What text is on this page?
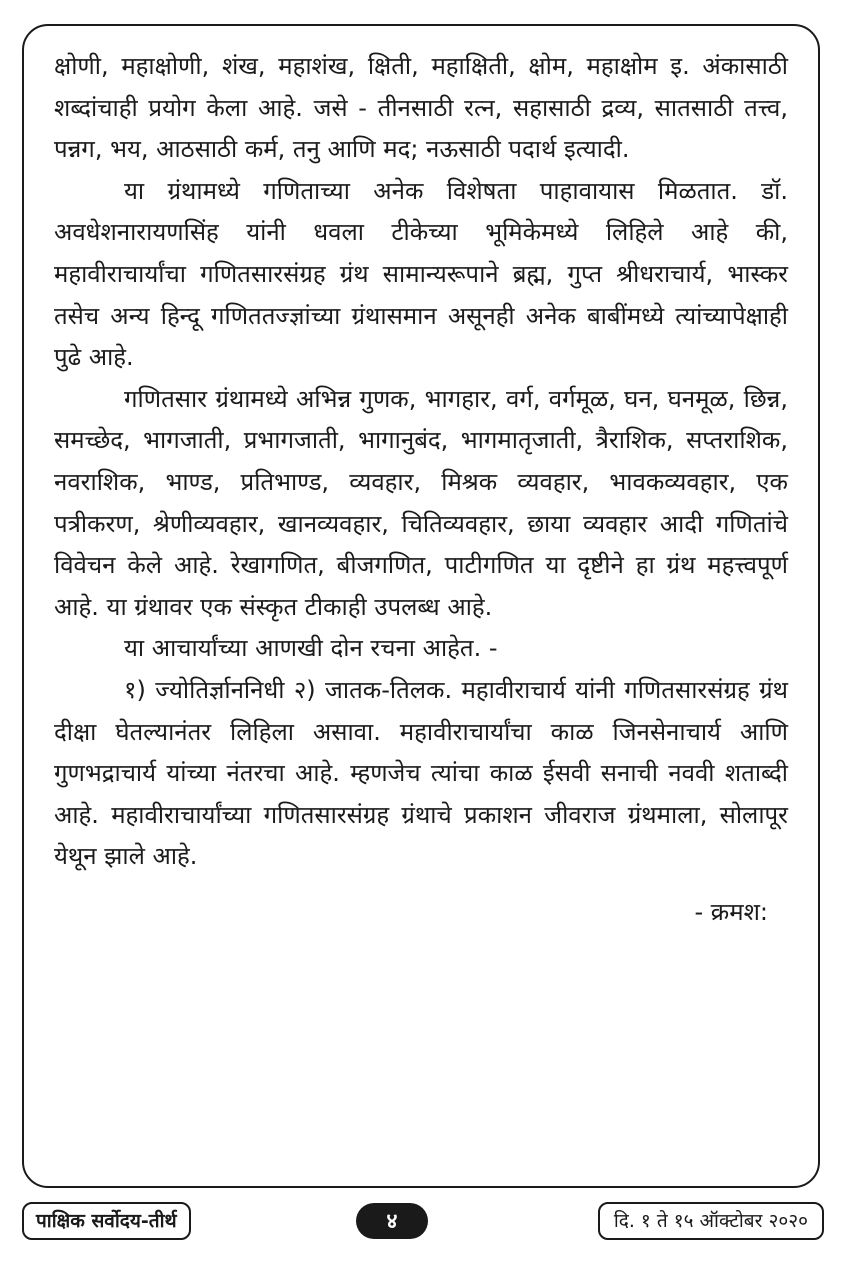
क्षोणी, महाक्षोणी, शंख, महाशंख, क्षिती, महाक्षिती, क्षोम, महाक्षोम इ. अंकासाठी शब्दांचाही प्रयोग केला आहे. जसे - तीनसाठी रत्न, सहासाठी द्रव्य, सातसाठी तत्त्व, पन्नग, भय, आठसाठी कर्म, तनु आणि मद; नऊसाठी पदार्थ इत्यादी.

या ग्रंथामध्ये गणिताच्या अनेक विशेषता पाहावायास मिळतात. डॉ. अवधेशनारायणसिंह यांनी धवला टीकेच्या भूमिकेमध्ये लिहिले आहे की, महावीराचार्यांचा गणितसारसंग्रह ग्रंथ सामान्यरूपाने ब्रह्म, गुप्त श्रीधराचार्य, भास्कर तसेच अन्य हिन्दू गणिततज्ज्ञांच्या ग्रंथासमान असूनही अनेक बाबींमध्ये त्यांच्यापेक्षाही पुढे आहे.

गणितसार ग्रंथामध्ये अभिन्न गुणक, भागहार, वर्ग, वर्गमूळ, घन, घनमूळ, छिन्न, समच्छेद, भागजाती, प्रभागजाती, भागानुबंद, भागमातृजाती, त्रैराशिक, सप्तराशिक, नवराशिक, भाण्ड, प्रतिभाण्ड, व्यवहार, मिश्रक व्यवहार, भावकव्यवहार, एक पत्रीकरण, श्रेणीव्यवहार, खानव्यवहार, चितिव्यवहार, छाया व्यवहार आदी गणितांचे विवेचन केले आहे. रेखागणित, बीजगणित, पाटीगणित या दृष्टीने हा ग्रंथ महत्त्वपूर्ण आहे. या ग्रंथावर एक संस्कृत टीकाही उपलब्ध आहे.

या आचार्यांच्या आणखी दोन रचना आहेत. -

१) ज्योतिर्ज्ञाननिधी २) जातक-तिलक. महावीराचार्य यांनी गणितसारसंग्रह ग्रंथ दीक्षा घेतल्यानंतर लिहिला असावा. महावीराचार्यांचा काळ जिनसेनाचार्य आणि गुणभद्राचार्य यांच्या नंतरचा आहे. म्हणजेच त्यांचा काळ ईसवी सनाची नववी शताब्दी आहे. महावीराचार्यांच्या गणितसारसंग्रह ग्रंथाचे प्रकाशन जीवराज ग्रंथमाला, सोलापूर येथून झाले आहे.

- क्रमश:
पाक्षिक सर्वोदय-तीर्थ	४	दि. १ ते १५ ऑक्टोबर २०२०
